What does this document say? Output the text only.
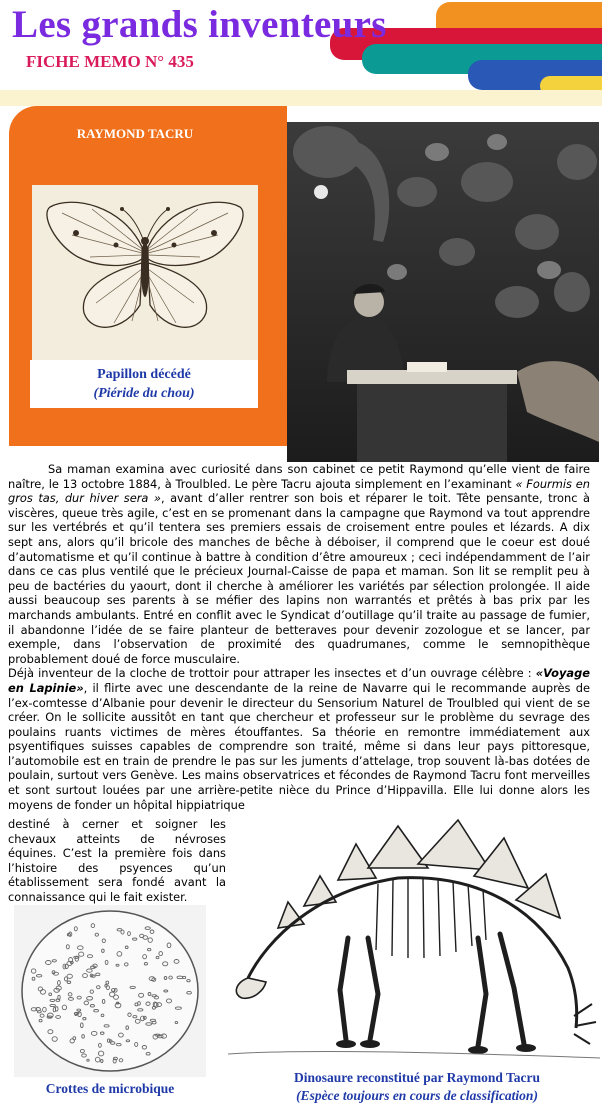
Les grands inventeurs
FICHE MEMO N° 435
RAYMOND TACRU
Papillon décédé
(Piéride du chou)

Sa maman examina avec curiosité dans son cabinet ce petit Raymond qu’elle vient de faire naître, le 13 octobre 1884, à Troulbled. Le père Tacru ajouta simplement en l’examinant « Fourmis en gros tas, dur hiver sera », avant d’aller rentrer son bois et réparer le toit. Tête pensante, tronc à viscères, queue très agile, c’est en se promenant dans la campagne que Raymond va tout apprendre sur les vertébrés et qu’il tentera ses premiers essais de croisement entre poules et lézards. A dix sept ans, alors qu’il bricole des manches de bêche à déboiser, il comprend que le coeur est doué d’automatisme et qu’il continue à battre à condition d’être amoureux ; ceci indépendamment de l’air dans ce cas plus ventilé que le précieux Journal-Caisse de papa et maman. Son lit se remplit peu à peu de bactéries du yaourt, dont il cherche à améliorer les variétés par sélection prolongée. Il aide aussi beaucoup ses parents à se méfier des lapins non warrantés et prêtés à bas prix par les marchands ambulants. Entré en conflit avec le Syndicat d’outillage qu’il traite au passage de fumier, il abandonne l’idée de se faire planteur de betteraves pour devenir zozologue et se lancer, par exemple, dans l’observation de proximité des quadrumanes, comme le semnopithèque probablement doué de force musculaire.

Déjà inventeur de la cloche de trottoir pour attraper les insectes et d’un ouvrage célèbre : «Voyage en Lapinie», il flirte avec une descendante de la reine de Navarre qui le recommande auprès de l’ex-comtesse d’Albanie pour devenir le directeur du Sensorium Naturel de Troulbled qui vient de se créer. On le sollicite aussitôt en tant que chercheur et professeur sur le problème du sevrage des poulains ruants victimes de mères étouffantes. Sa théorie en remontre immédiatement aux psyentifiques suisses capables de comprendre son traité, même si dans leur pays pittoresque, l’automobile est en train de prendre le pas sur les juments d’attelage, trop souvent là-bas dotées de poulain, surtout vers Genève. Les mains observatrices et fécondes de Raymond Tacru font merveilles et sont surtout louées par une arrière-petite nièce du Prince d’Hippavilla. Elle lui donne alors les moyens de fonder un hôpital hippiatrique

destiné à cerner et soigner les chevaux atteints de névroses équines. C’est la première fois dans l’histoire des psyences qu’un établissement sera fondé avant la connaissance qui le fait exister.
Crottes de microbique
Dinosaure reconstitué par Raymond Tacru
(Espèce toujours en cours de classification)
